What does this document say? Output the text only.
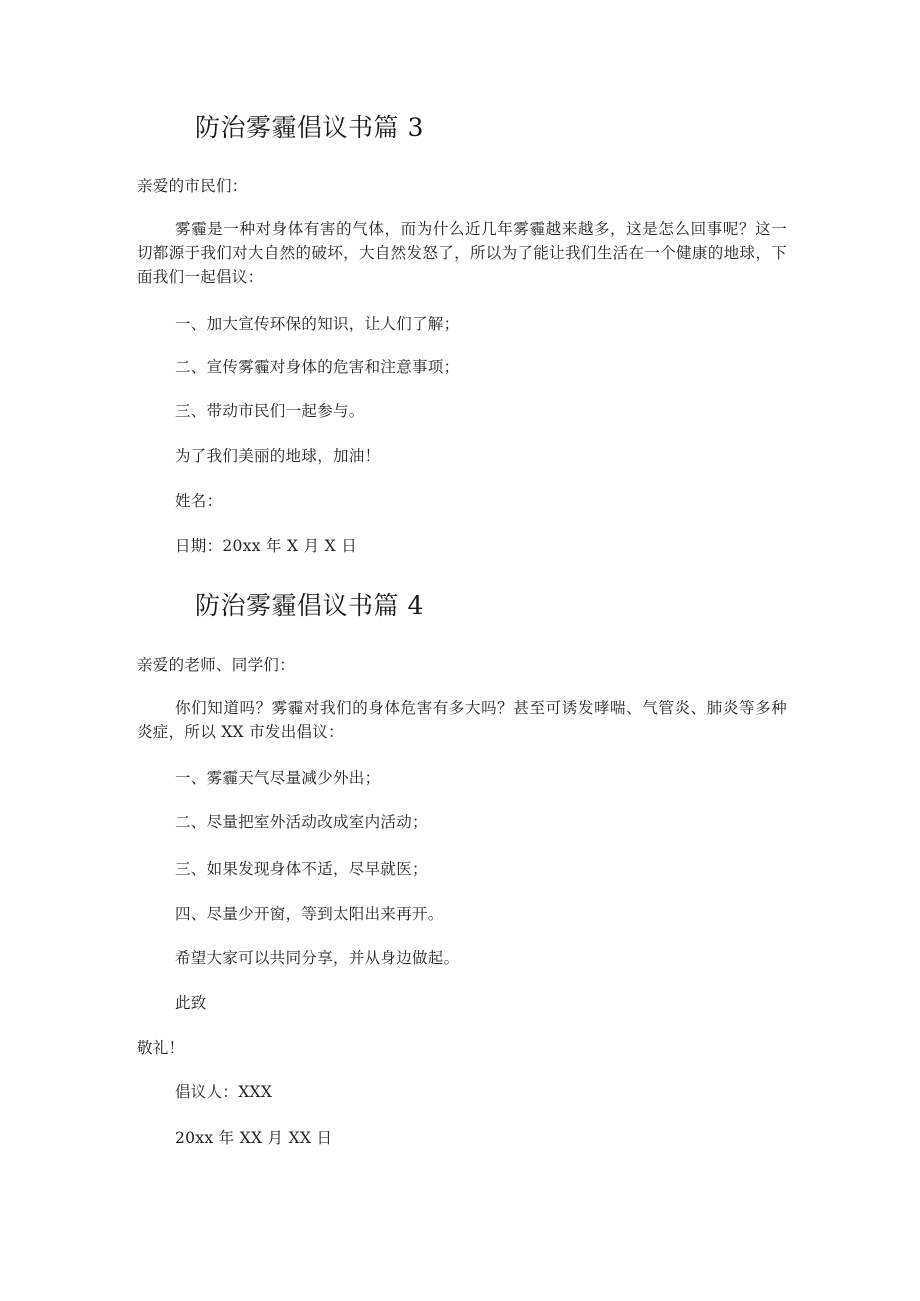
防治雾霾倡议书篇 3
亲爱的市民们：
雾霾是一种对身体有害的气体，而为什么近几年雾霾越来越多，这是怎么回事呢？这一切都源于我们对大自然的破坏，大自然发怒了，所以为了能让我们生活在一个健康的地球，下面我们一起倡议：
一、加大宣传环保的知识，让人们了解；
二、宣传雾霾对身体的危害和注意事项；
三、带动市民们一起参与。
为了我们美丽的地球，加油！
姓名：
日期：20xx 年 X 月 X 日
防治雾霾倡议书篇 4
亲爱的老师、同学们：
你们知道吗？雾霾对我们的身体危害有多大吗？甚至可诱发哮喘、气管炎、肺炎等多种炎症，所以 XX 市发出倡议：
一、雾霾天气尽量减少外出；
二、尽量把室外活动改成室内活动；
三、如果发现身体不适，尽早就医；
四、尽量少开窗，等到太阳出来再开。
希望大家可以共同分享，并从身边做起。
此致
敬礼！
倡议人：XXX
20xx 年 XX 月 XX 日
